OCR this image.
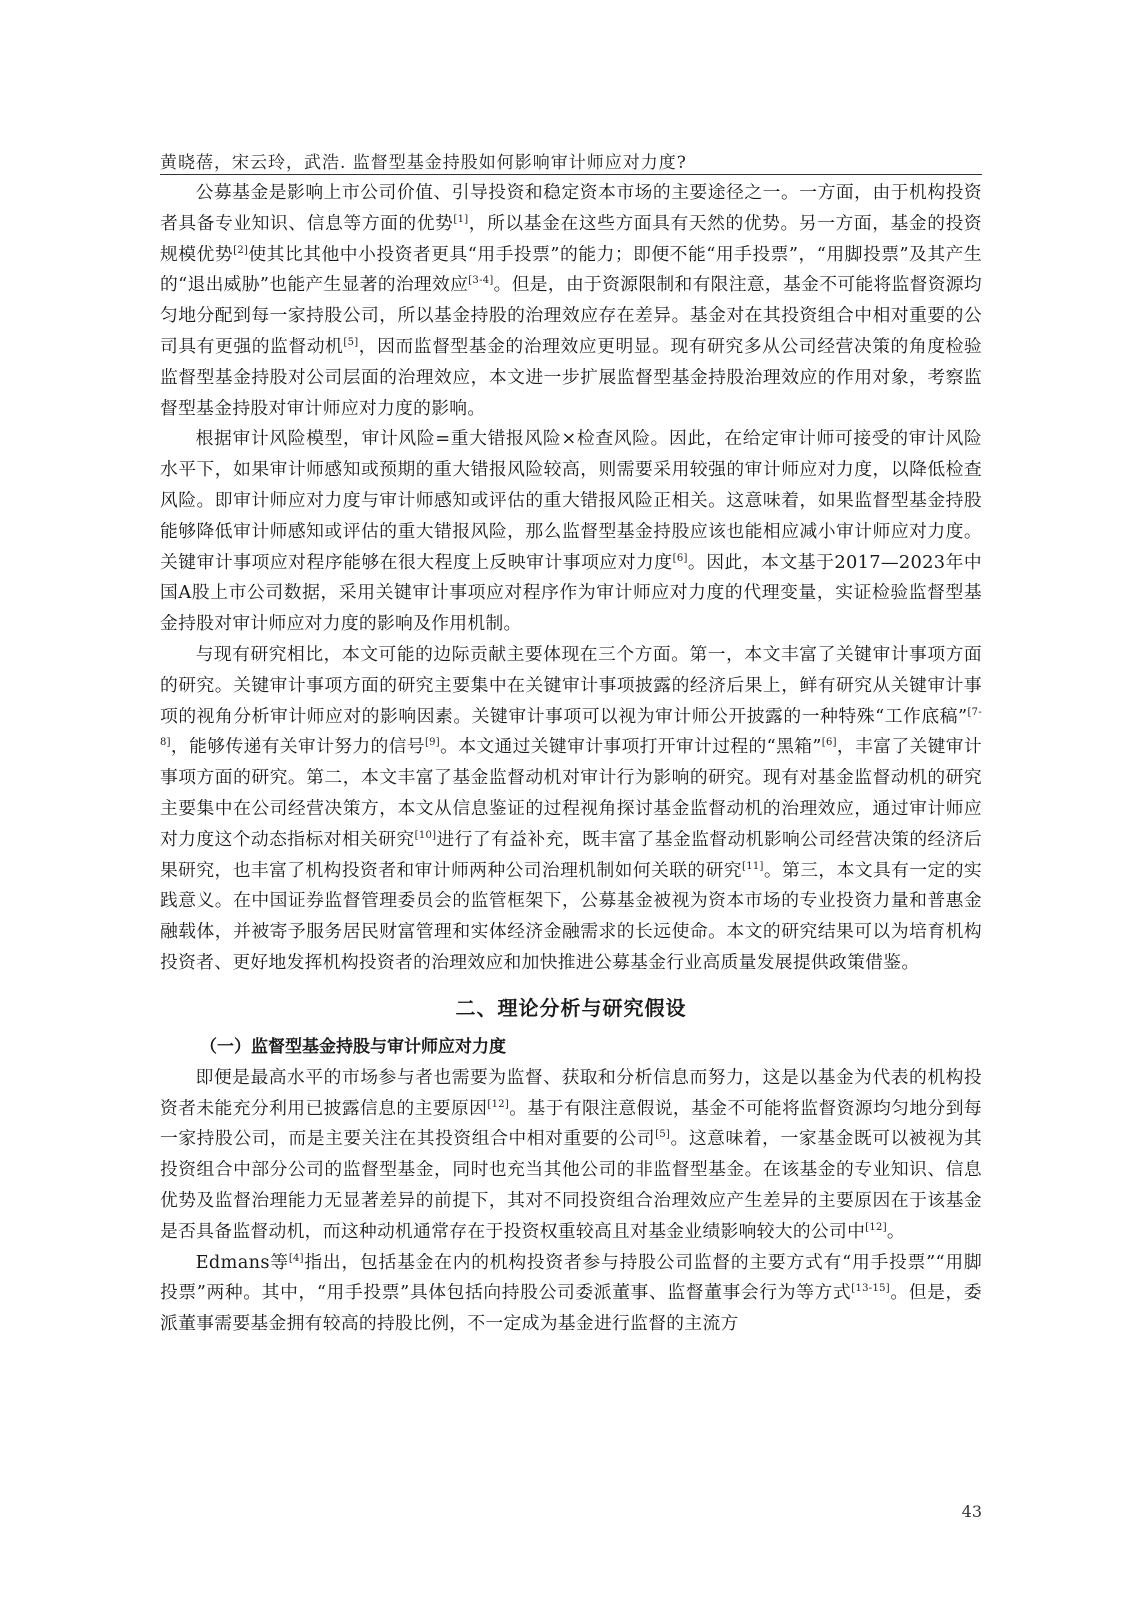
黄晓蓓，宋云玲，武浩. 监督型基金持股如何影响审计师应对力度?

公募基金是影响上市公司价值、引导投资和稳定资本市场的主要途径之一。一方面，由于机构投资者具备专业知识、信息等方面的优势[1]，所以基金在这些方面具有天然的优势。另一方面，基金的投资规模优势[2]使其比其他中小投资者更具“用手投票”的能力；即便不能“用手投票”，“用脚投票”及其产生的“退出威胁”也能产生显著的治理效应[3-4]。但是，由于资源限制和有限注意，基金不可能将监督资源均匀地分配到每一家持股公司，所以基金持股的治理效应存在差异。基金对在其投资组合中相对重要的公司具有更强的监督动机[5]，因而监督型基金的治理效应更明显。现有研究多从公司经营决策的角度检验监督型基金持股对公司层面的治理效应，本文进一步扩展监督型基金持股治理效应的作用对象，考察监督型基金持股对审计师应对力度的影响。

根据审计风险模型，审计风险=重大错报风险×检查风险。因此，在给定审计师可接受的审计风险水平下，如果审计师感知或预期的重大错报风险较高，则需要采用较强的审计师应对力度，以降低检查风险。即审计师应对力度与审计师感知或评估的重大错报风险正相关。这意味着，如果监督型基金持股能够降低审计师感知或评估的重大错报风险，那么监督型基金持股应该也能相应减小审计师应对力度。关键审计事项应对程序能够在很大程度上反映审计事项应对力度[6]。因此，本文基于2017—2023年中国A股上市公司数据，采用关键审计事项应对程序作为审计师应对力度的代理变量，实证检验监督型基金持股对审计师应对力度的影响及作用机制。

与现有研究相比，本文可能的边际贡献主要体现在三个方面。第一，本文丰富了关键审计事项方面的研究。关键审计事项方面的研究主要集中在关键审计事项披露的经济后果上，鲜有研究从关键审计事项的视角分析审计师应对的影响因素。关键审计事项可以视为审计师公开披露的一种特殊“工作底稿”[7-8]，能够传递有关审计努力的信号[9]。本文通过关键审计事项打开审计过程的“黑箱”[6]，丰富了关键审计事项方面的研究。第二，本文丰富了基金监督动机对审计行为影响的研究。现有对基金监督动机的研究主要集中在公司经营决策方，本文从信息鉴证的过程视角探讨基金监督动机的治理效应，通过审计师应对力度这个动态指标对相关研究[10]进行了有益补充，既丰富了基金监督动机影响公司经营决策的经济后果研究，也丰富了机构投资者和审计师两种公司治理机制如何关联的研究[11]。第三，本文具有一定的实践意义。在中国证券监督管理委员会的监管框架下，公募基金被视为资本市场的专业投资力量和普惠金融载体，并被寄予服务居民财富管理和实体经济金融需求的长远使命。本文的研究结果可以为培育机构投资者、更好地发挥机构投资者的治理效应和加快推进公募基金行业高质量发展提供政策借鉴。

二、理论分析与研究假设
（一）监督型基金持股与审计师应对力度

即便是最高水平的市场参与者也需要为监督、获取和分析信息而努力，这是以基金为代表的机构投资者未能充分利用已披露信息的主要原因[12]。基于有限注意假说，基金不可能将监督资源均匀地分到每一家持股公司，而是主要关注在其投资组合中相对重要的公司[5]。这意味着，一家基金既可以被视为其投资组合中部分公司的监督型基金，同时也充当其他公司的非监督型基金。在该基金的专业知识、信息优势及监督治理能力无显著差异的前提下，其对不同投资组合治理效应产生差异的主要原因在于该基金是否具备监督动机，而这种动机通常存在于投资权重较高且对基金业绩影响较大的公司中[12]。

Edmans等[4]指出，包括基金在内的机构投资者参与持股公司监督的主要方式有“用手投票”“用脚投票”两种。其中，“用手投票”具体包括向持股公司委派董事、监督董事会行为等方式[13-15]。但是，委派董事需要基金拥有较高的持股比例，不一定成为基金进行监督的主流方

43
